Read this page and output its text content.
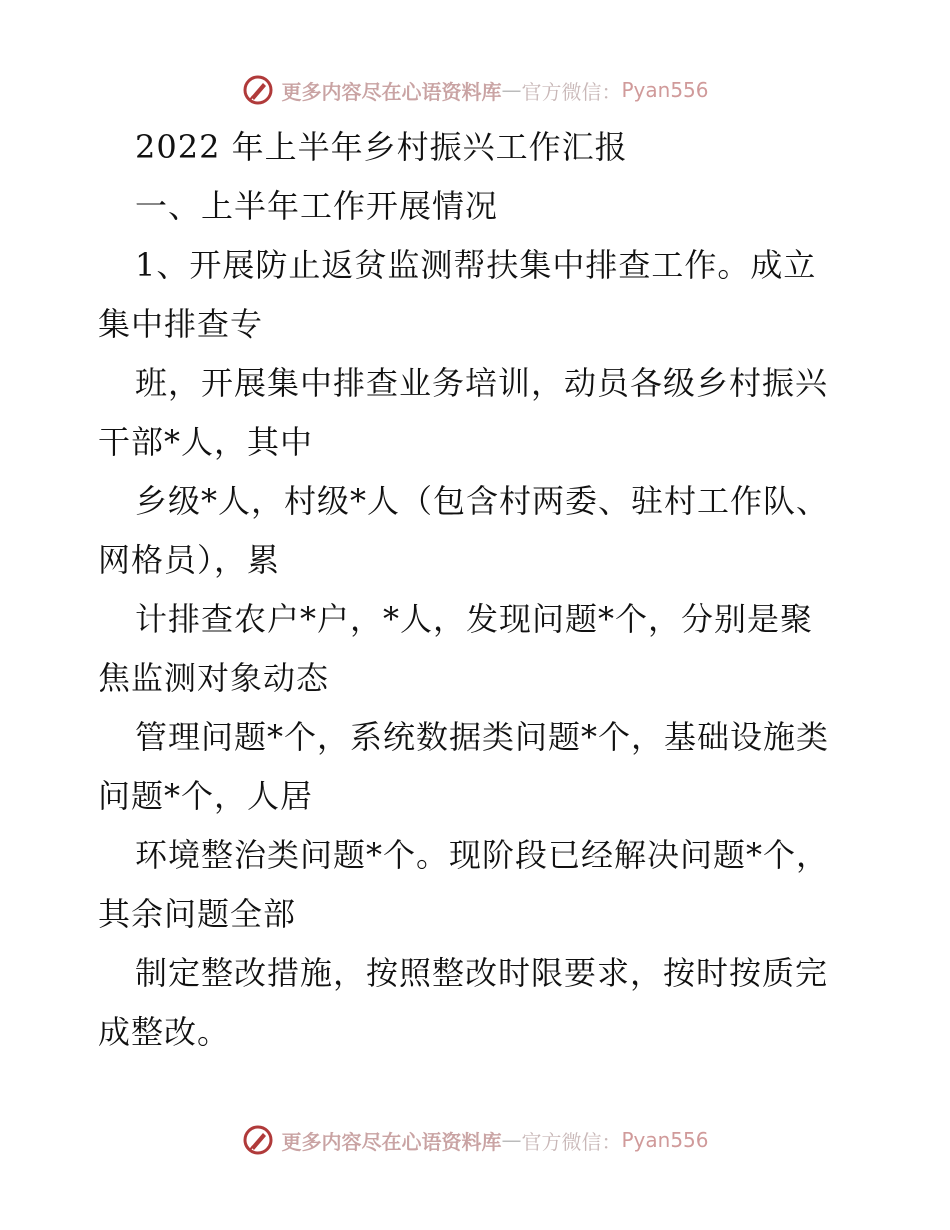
更多内容尽在心语资料库 — 官方微信： Pyan556
2022 年上半年乡村振兴工作汇报
一、上半年工作开展情况
1、开展防止返贫监测帮扶集中排查工作。成立
集中排查专
班，开展集中排查业务培训，动员各级乡村振兴
干部*人，其中
乡级*人，村级*人（包含村两委、驻村工作队、
网格员），累
计排查农户*户，*人，发现问题*个，分别是聚
焦监测对象动态
管理问题*个，系统数据类问题*个，基础设施类
问题*个，人居
环境整治类问题*个。现阶段已经解决问题*个，
其余问题全部
制定整改措施，按照整改时限要求，按时按质完
成整改。
更多内容尽在心语资料库 — 官方微信： Pyan556
